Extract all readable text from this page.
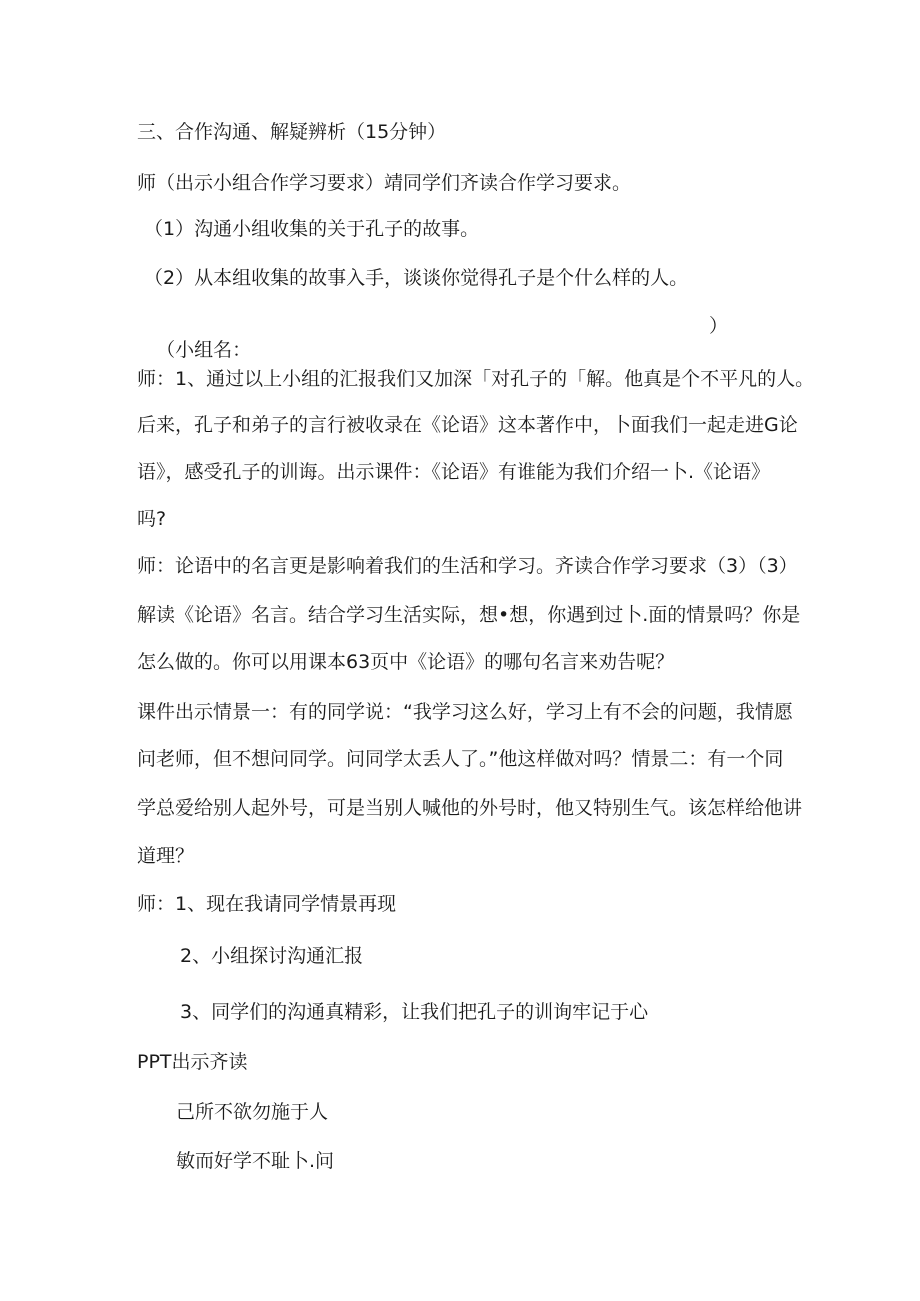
三、合作沟通、解疑辨析（15分钟）
师（出示小组合作学习要求）靖同学们齐读合作学习要求。
（1）沟通小组收集的关于孔子的故事。
（2）从本组收集的故事入手，谈谈你觉得孔子是个什么样的人。

（小组名：

）

师：1、通过以上小组的汇报我们又加深「对孔子的「解。他真是个不平凡的人。
后来，孔子和弟子的言行被收录在《论语》这本著作中，卜面我们一起走进G论
语》，感受孔子的训诲。出示课件：《论语》有谁能为我们介绍一卜.《论语》
吗?
师：论语中的名言更是影响着我们的生活和学习。齐读合作学习要求（3）（3）
解读《论语》名言。结合学习生活实际，想•想，你遇到过卜.面的情景吗？你是
怎么做的。你可以用课本63页中《论语》的哪句名言来劝告呢？
课件出示情景一：有的同学说：“我学习这么好，学习上有不会的问题，我情愿
问老师，但不想问同学。问同学太丢人了。”他这样做对吗？情景二：有一个同
学总爱给别人起外号，可是当别人喊他的外号时，他又特别生气。该怎样给他讲
道理？
师：1、现在我请同学情景再现
2、小组探讨沟通汇报
3、同学们的沟通真精彩，让我们把孔子的训询牢记于心
PPT出示齐读
己所不欲勿施于人
敏而好学不耻卜.问
